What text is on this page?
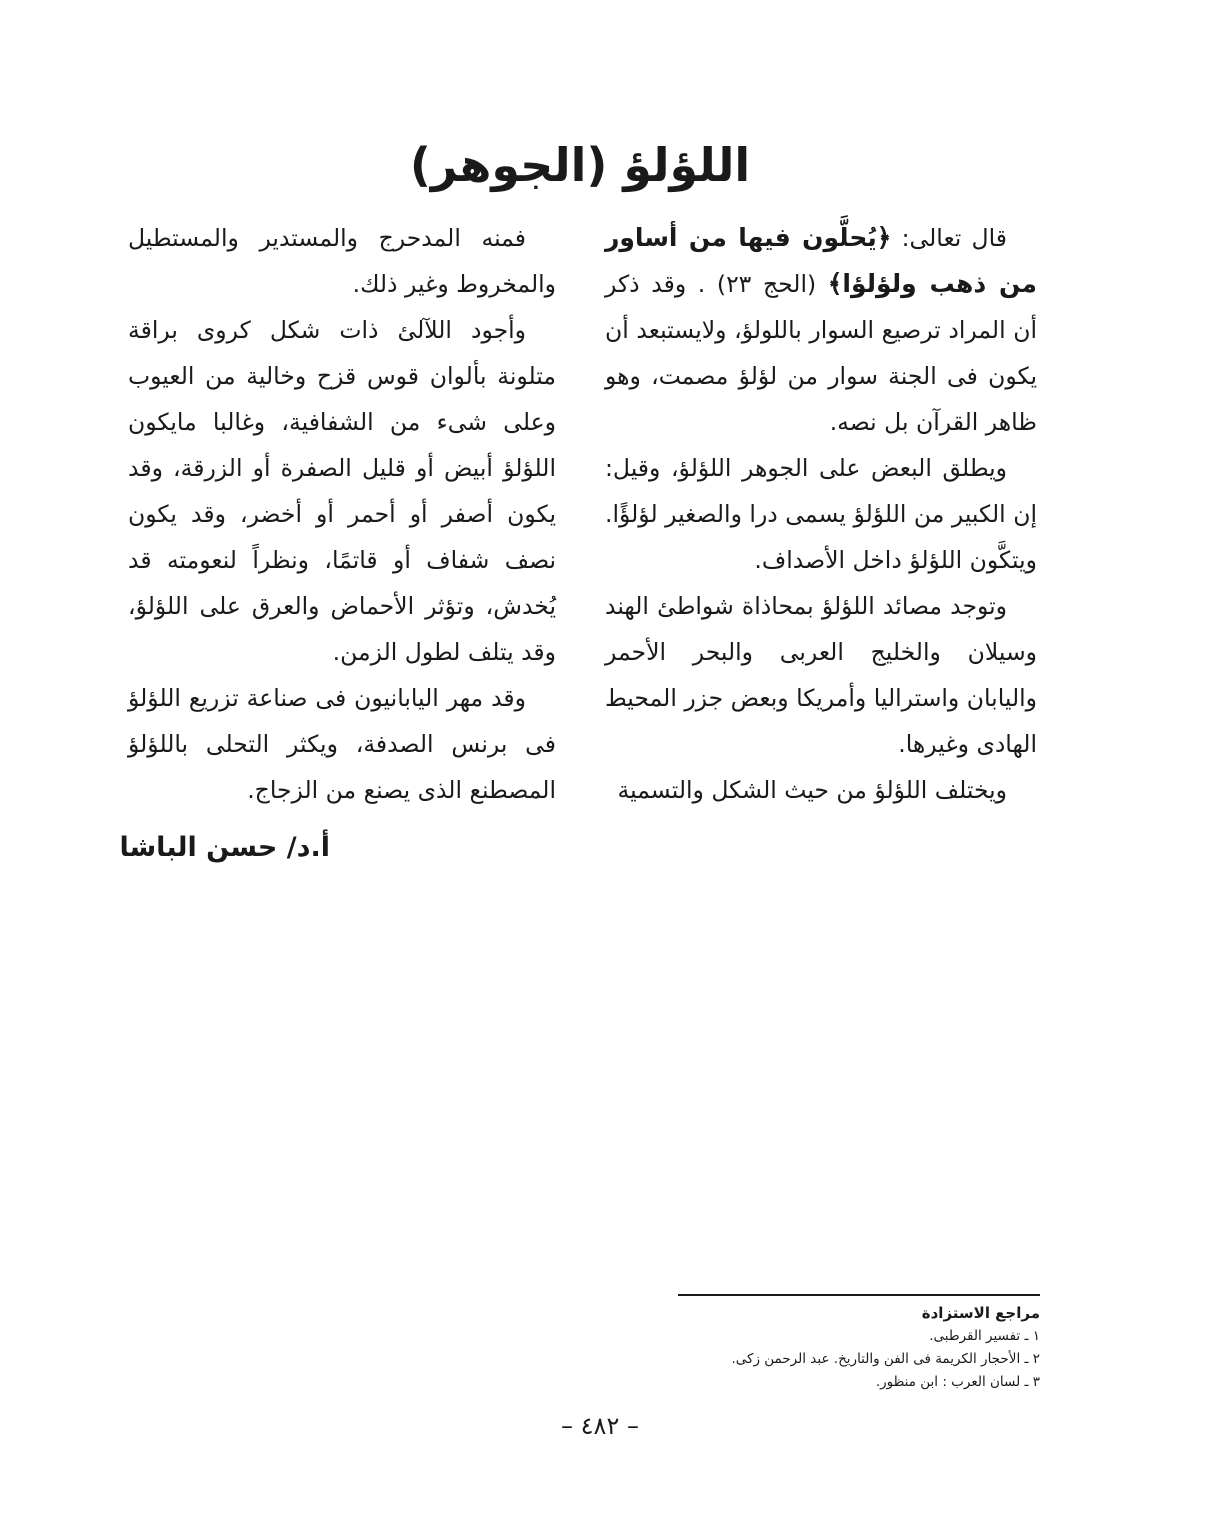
اللؤلؤ (الجوهر)

قال تعالى: ﴿يُحلَّون فيها من أساور من ذهب ولؤلؤا﴾ (الحج ٢٣) . وقد ذكر أن المراد ترصيع السوار باللولؤ، ولايستبعد أن يكون فى الجنة سوار من لؤلؤ مصمت، وهو ظاهر القرآن بل نصه.

ويطلق البعض على الجوهر اللؤلؤ، وقيل: إن الكبير من اللؤلؤ يسمى درا والصغير لؤلؤًا. ويتكَّون اللؤلؤ داخل الأصداف.

وتوجد مصائد اللؤلؤ بمحاذاة شواطئ الهند وسيلان والخليج العربى والبحر الأحمر واليابان واستراليا وأمريكا وبعض جزر المحيط الهادى وغيرها.

ويختلف اللؤلؤ من حيث الشكل والتسمية

فمنه المدحرج والمستدير والمستطيل والمخروط وغير ذلك.

وأجود اللآلئ ذات شكل كروى براقة متلونة بألوان قوس قزح وخالية من العيوب وعلى شىء من الشفافية، وغالبا مايكون اللؤلؤ أبيض أو قليل الصفرة أو الزرقة، وقد يكون أصفر أو أحمر أو أخضر، وقد يكون نصف شفاف أو قاتمًا، ونظراً لنعومته قد يُخدش، وتؤثر الأحماض والعرق على اللؤلؤ، وقد يتلف لطول الزمن.

وقد مهر اليابانيون فى صناعة تزريع اللؤلؤ فى برنس الصدفة، ويكثر التحلى باللؤلؤ المصطنع الذى يصنع من الزجاج.

أ.د/ حسن الباشا
مراجع الاستزادة
١ ـ تفسير القرطبى.
٢ ـ الأحجار الكريمة فى الفن والتاريخ. عبد الرحمن زكى.
٣ ـ لسان العرب : ابن منظور.
– ٤٨٢ –
